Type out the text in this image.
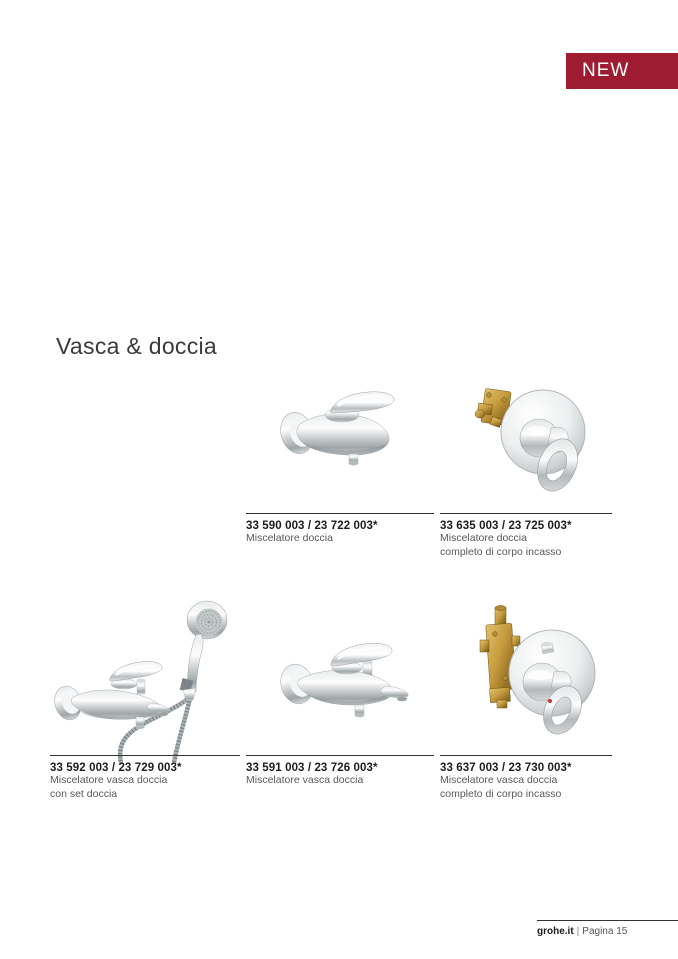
NEW
Vasca & doccia
33 590 003 / 23 722 003*
Miscelatore doccia
33 635 003 / 23 725 003*
Miscelatore doccia
completo di corpo incasso
33 592 003 / 23 729 003*
Miscelatore vasca doccia
con set doccia
33 591 003 / 23 726 003*
Miscelatore vasca doccia
33 637 003 / 23 730 003*
Miscelatore vasca doccia
completo di corpo incasso
grohe.it | Pagina 15
